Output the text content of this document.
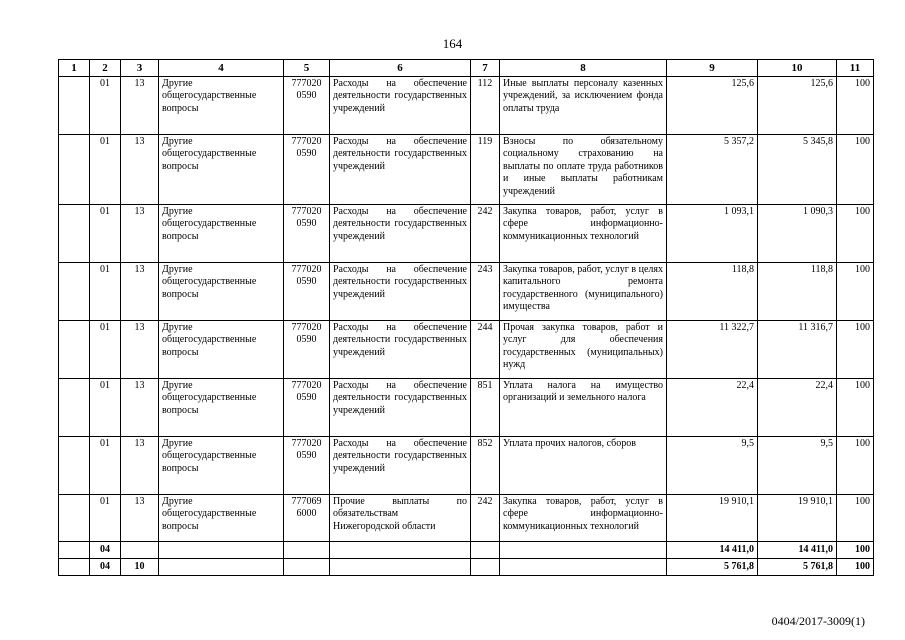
164
1	2	3	4	5	6	7	8	9	10	11
	01	13	Другие общегосударственные вопросы	777020 0590	Расходы на обеспечение деятельности государственных учреждений	112	Иные выплаты персоналу казенных учреждений, за исключением фонда оплаты труда	125,6	125,6	100
	01	13	Другие общегосударственные вопросы	777020 0590	Расходы на обеспечение деятельности государственных учреждений	119	Взносы по обязательному социальному страхованию на выплаты по оплате труда работников и иные выплаты работникам учреждений	5 357,2	5 345,8	100
	01	13	Другие общегосударственные вопросы	777020 0590	Расходы на обеспечение деятельности государственных учреждений	242	Закупка товаров, работ, услуг в сфере информационно-коммуникационных технологий	1 093,1	1 090,3	100
	01	13	Другие общегосударственные вопросы	777020 0590	Расходы на обеспечение деятельности государственных учреждений	243	Закупка товаров, работ, услуг в целях капитального ремонта государственного (муниципального) имущества	118,8	118,8	100
	01	13	Другие общегосударственные вопросы	777020 0590	Расходы на обеспечение деятельности государственных учреждений	244	Прочая закупка товаров, работ и услуг для обеспечения государственных (муниципальных) нужд	11 322,7	11 316,7	100
	01	13	Другие общегосударственные вопросы	777020 0590	Расходы на обеспечение деятельности государственных учреждений	851	Уплата налога на имущество организаций и земельного налога	22,4	22,4	100
	01	13	Другие общегосударственные вопросы	777020 0590	Расходы на обеспечение деятельности государственных учреждений	852	Уплата прочих налогов, сборов	9,5	9,5	100
	01	13	Другие общегосударственные вопросы	777069 6000	Прочие выплаты по обязательствам Нижегородской области	242	Закупка товаров, работ, услуг в сфере информационно-коммуникационных технологий	19 910,1	19 910,1	100
	04							14 411,0	14 411,0	100
	04	10						5 761,8	5 761,8	100
0404/2017-3009(1)
